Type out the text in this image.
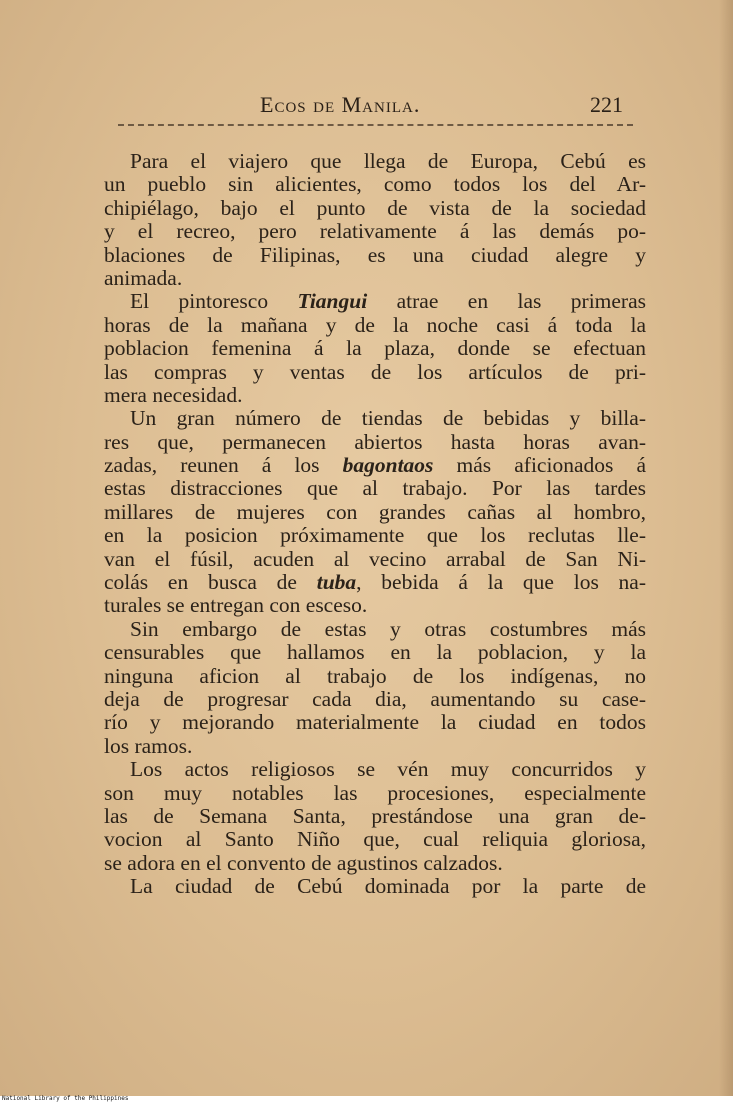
Ecos de Manila.	221
Para el viajero que llega de Europa, Cebú es
un pueblo sin alicientes, como todos los del Ar-
chipiélago, bajo el punto de vista de la sociedad
y el recreo, pero relativamente á las demás po-
blaciones de Filipinas, es una ciudad alegre y
animada.
El pintoresco Tiangui atrae en las primeras
horas de la mañana y de la noche casi á toda la
poblacion femenina á la plaza, donde se efectuan
las compras y ventas de los artículos de pri-
mera necesidad.
Un gran número de tiendas de bebidas y billa-
res que, permanecen abiertos hasta horas avan-
zadas, reunen á los bagontaos más aficionados á
estas distracciones que al trabajo. Por las tardes
millares de mujeres con grandes cañas al hombro,
en la posicion próximamente que los reclutas lle-
van el fúsil, acuden al vecino arrabal de San Ni-
colás en busca de tuba, bebida á la que los na-
turales se entregan con esceso.
Sin embargo de estas y otras costumbres más
censurables que hallamos en la poblacion, y la
ninguna aficion al trabajo de los indígenas, no
deja de progresar cada dia, aumentando su case-
río y mejorando materialmente la ciudad en todos
los ramos.
Los actos religiosos se vén muy concurridos y
son muy notables las procesiones, especialmente
las de Semana Santa, prestándose una gran de-
vocion al Santo Niño que, cual reliquia gloriosa,
se adora en el convento de agustinos calzados.
La ciudad de Cebú dominada por la parte de
National Library of the Philippines
